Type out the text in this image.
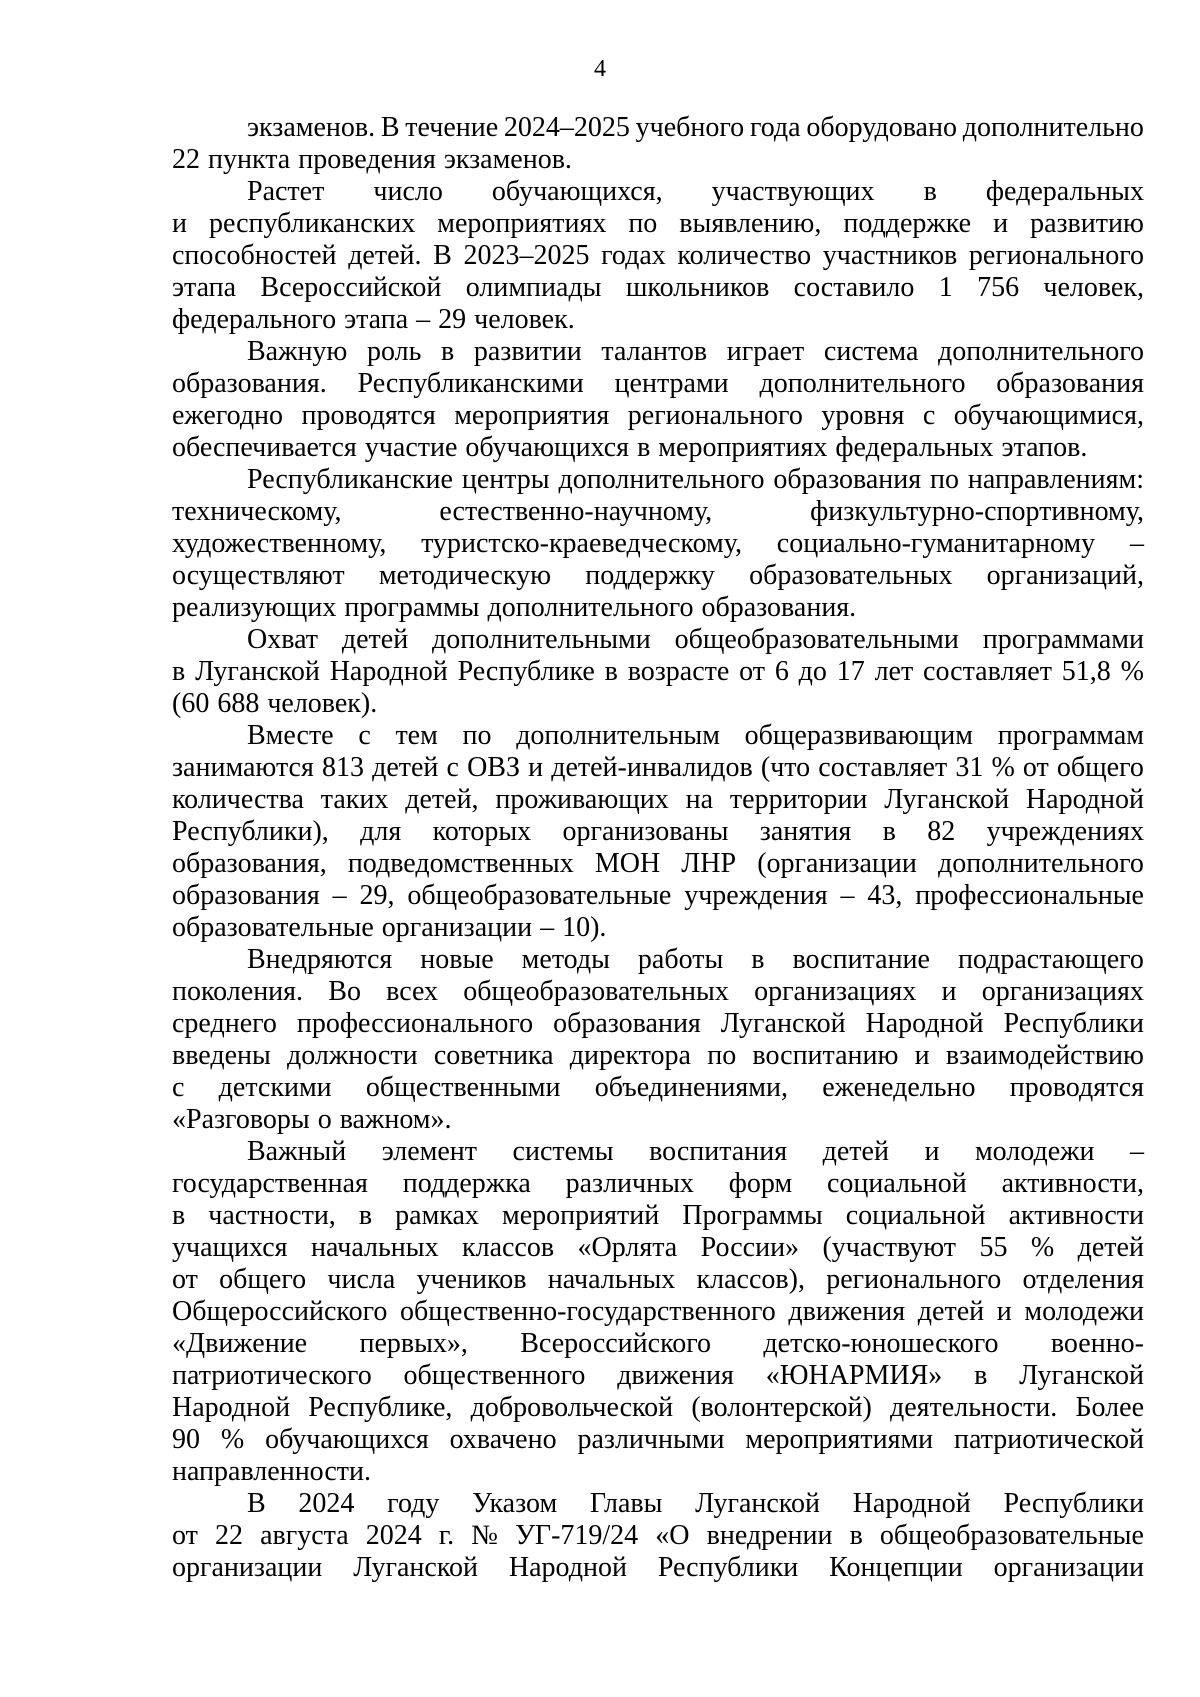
4
экзаменов. В течение 2024–2025 учебного года оборудовано дополнительно
22 пункта проведения экзаменов.
Растет число обучающихся, участвующих в федеральных
и республиканских мероприятиях по выявлению, поддержке и развитию
способностей детей. В 2023–2025 годах количество участников регионального
этапа Всероссийской олимпиады школьников составило 1 756 человек,
федерального этапа – 29 человек.
Важную роль в развитии талантов играет система дополнительного
образования. Республиканскими центрами дополнительного образования
ежегодно проводятся мероприятия регионального уровня с обучающимися,
обеспечивается участие обучающихся в мероприятиях федеральных этапов.
Республиканские центры дополнительного образования по направлениям:
техническому,	естественно-научному,	физкультурно-спортивному,
художественному, туристско-краеведческому, социально-гуманитарному –
осуществляют методическую поддержку образовательных организаций,
реализующих программы дополнительного образования.
Охват детей дополнительными общеобразовательными программами
в Луганской Народной Республике в возрасте от 6 до 17 лет составляет 51,8 %
(60 688 человек).
Вместе с тем по дополнительным общеразвивающим программам
занимаются 813 детей с ОВЗ и детей-инвалидов (что составляет 31 % от общего
количества таких детей, проживающих на территории Луганской Народной
Республики), для которых организованы занятия в 82 учреждениях
образования, подведомственных МОН ЛНР (организации дополнительного
образования – 29, общеобразовательные учреждения – 43, профессиональные
образовательные организации – 10).
Внедряются новые методы работы в воспитание подрастающего
поколения. Во всех общеобразовательных организациях и организациях
среднего профессионального образования Луганской Народной Республики
введены должности советника директора по воспитанию и взаимодействию
с детскими общественными объединениями, еженедельно проводятся
«Разговоры о важном».
Важный элемент системы воспитания детей и молодежи –
государственная поддержка различных форм социальной активности,
в частности, в рамках мероприятий Программы социальной активности
учащихся начальных классов «Орлята России» (участвуют 55 % детей
от общего числа учеников начальных классов), регионального отделения
Общероссийского общественно-государственного движения детей и молодежи
«Движение первых», Всероссийского детско-юношеского военно-
патриотического общественного движения «ЮНАРМИЯ» в Луганской
Народной Республике, добровольческой (волонтерской) деятельности. Более
90 % обучающихся охвачено различными мероприятиями патриотической
направленности.
В 2024 году Указом Главы Луганской Народной Республики
от 22 августа 2024 г. № УГ-719/24 «О внедрении в общеобразовательные
организации Луганской Народной Республики Концепции организации
